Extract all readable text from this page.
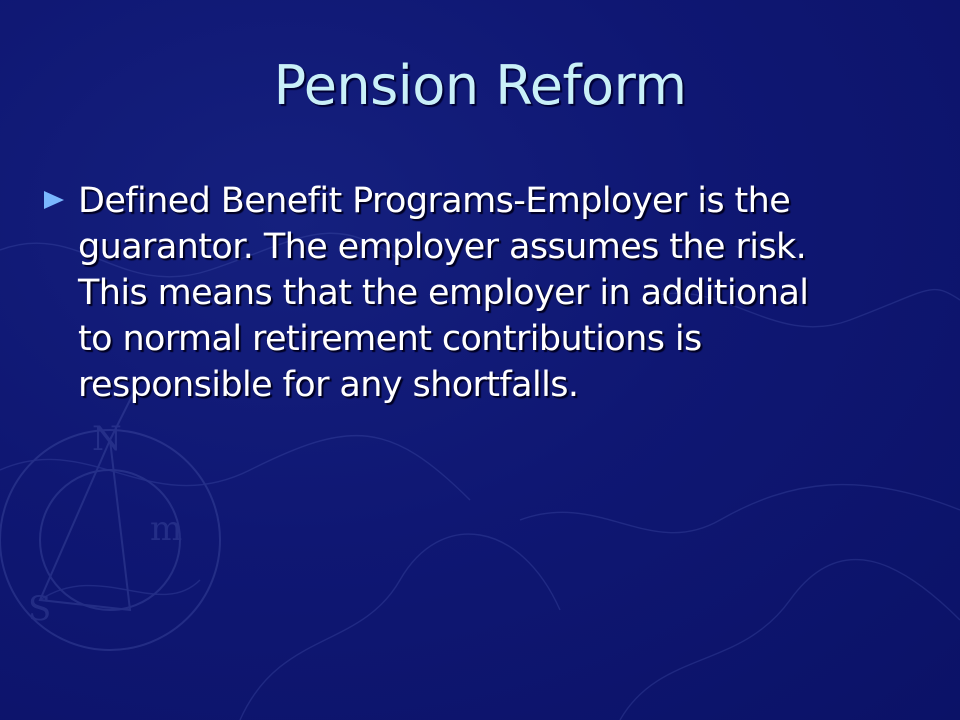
N
S
m
Pension Reform
Defined Benefit Programs-Employer is the
guarantor. The employer assumes the risk.
This means that the employer in additional
to normal retirement contributions is
responsible for any shortfalls.
